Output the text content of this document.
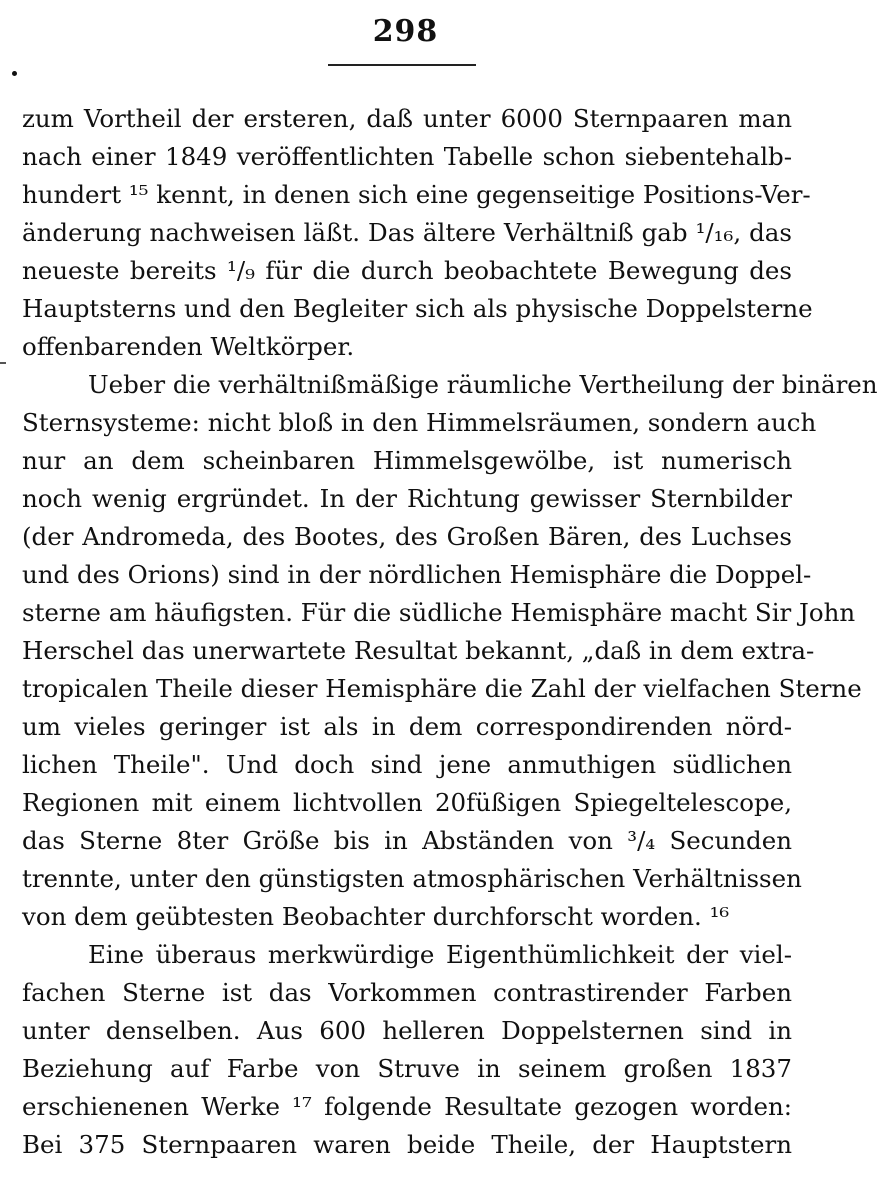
298
zum Vortheil der ersteren, daß unter 6000 Sternpaaren man
nach einer 1849 veröffentlichten Tabelle schon siebentehalb-
hundert ¹⁵ kennt, in denen sich eine gegenseitige Positions-Ver-
änderung nachweisen läßt. Das ältere Verhältniß gab ¹/₁₆, das
neueste bereits ¹/₉ für die durch beobachtete Bewegung des
Hauptsterns und den Begleiter sich als physische Doppelsterne
offenbarenden Weltkörper.
Ueber die verhältnißmäßige räumliche Vertheilung der binären
Sternsysteme: nicht bloß in den Himmelsräumen, sondern auch
nur an dem scheinbaren Himmelsgewölbe, ist numerisch
noch wenig ergründet. In der Richtung gewisser Sternbilder
(der Andromeda, des Bootes, des Großen Bären, des Luchses
und des Orions) sind in der nördlichen Hemisphäre die Doppel-
sterne am häufigsten. Für die südliche Hemisphäre macht Sir John
Herschel das unerwartete Resultat bekannt, „daß in dem extra-
tropicalen Theile dieser Hemisphäre die Zahl der vielfachen Sterne
um vieles geringer ist als in dem correspondirenden nörd-
lichen Theile". Und doch sind jene anmuthigen südlichen
Regionen mit einem lichtvollen 20füßigen Spiegeltelescope,
das Sterne 8ter Größe bis in Abständen von ³/₄ Secunden
trennte, unter den günstigsten atmosphärischen Verhältnissen
von dem geübtesten Beobachter durchforscht worden. ¹⁶
Eine überaus merkwürdige Eigenthümlichkeit der viel-
fachen Sterne ist das Vorkommen contrastirender Farben
unter denselben. Aus 600 helleren Doppelsternen sind in
Beziehung auf Farbe von Struve in seinem großen 1837
erschienenen Werke ¹⁷ folgende Resultate gezogen worden:
Bei 375 Sternpaaren waren beide Theile, der Hauptstern
